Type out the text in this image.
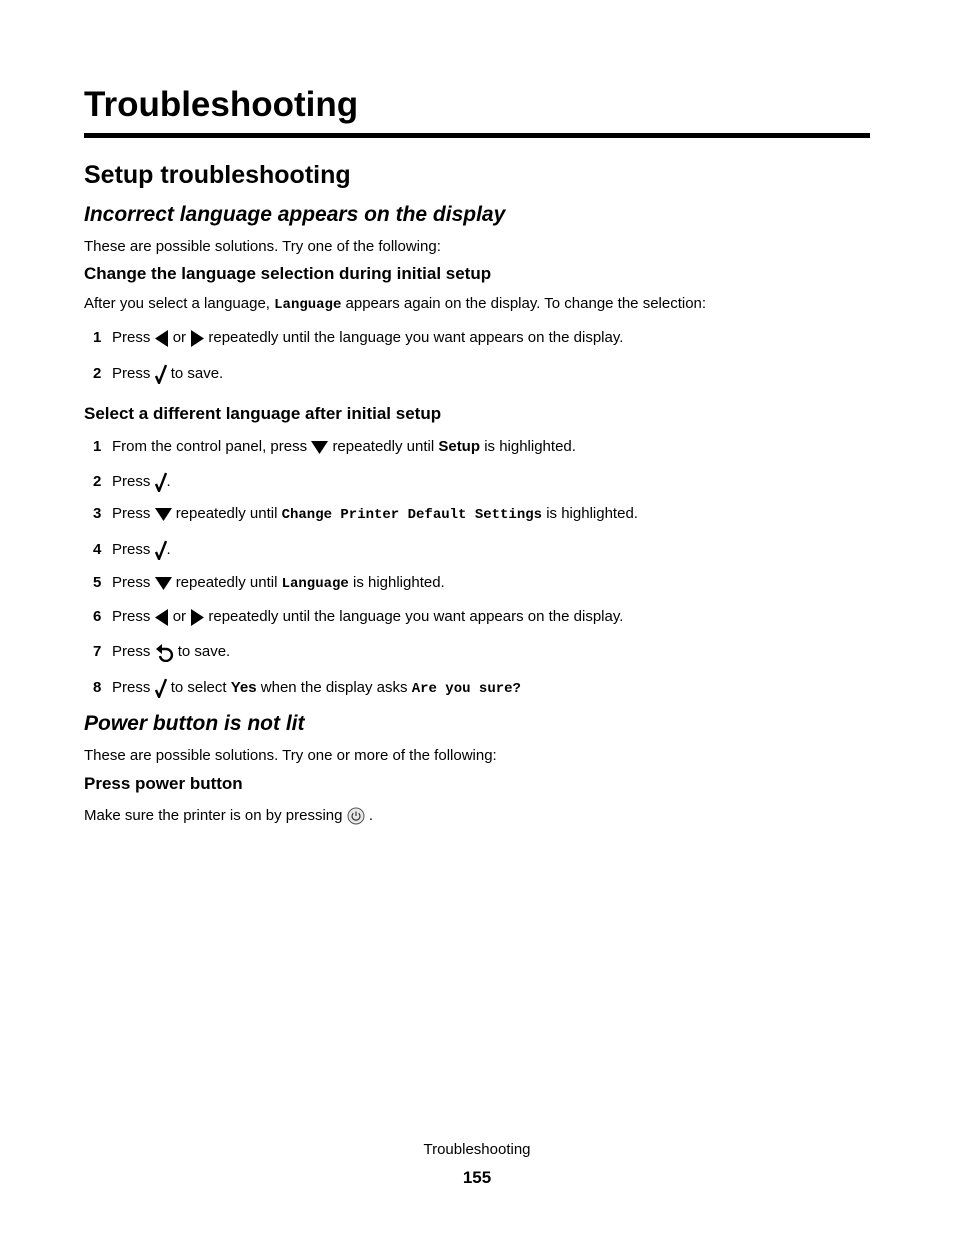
Troubleshooting
Setup troubleshooting
Incorrect language appears on the display
These are possible solutions. Try one of the following:
Change the language selection during initial setup
After you select a language, Language appears again on the display. To change the selection:
1 Press or repeatedly until the language you want appears on the display.
2 Press to save.
Select a different language after initial setup
1 From the control panel, press repeatedly until Setup is highlighted.
2 Press .
3 Press repeatedly until Change Printer Default Settings is highlighted.
4 Press .
5 Press repeatedly until Language is highlighted.
6 Press or repeatedly until the language you want appears on the display.
7 Press to save.
8 Press to select Yes when the display asks Are you sure?
Power button is not lit
These are possible solutions. Try one or more of the following:
Press power button
Make sure the printer is on by pressing .
Troubleshooting
155
